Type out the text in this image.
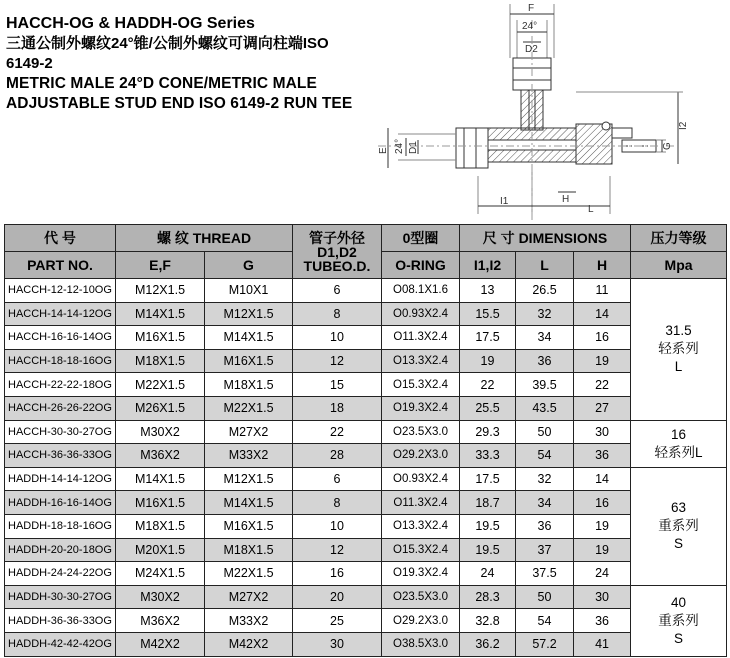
HACCH-OG & HADDH-OG Series
三通公制外螺纹24°锥/公制外螺纹可调向柱端ISO
6149-2
METRIC MALE 24°D CONE/METRIC MALE
ADJUSTABLE STUD END ISO 6149-2 RUN TEE
F
24°
D2
E 24° D1	G
I2
I1	H
L
代 号	螺 纹 THREAD		管子外径D1,D2
TUBEO.D.	0型圈	尺 寸 DIMENSIONS			压力等级
PART NO.	E,F	G		O-RING	I1,I2	L	H	Mpa
HACCH-12-12-10OG	M12X1.5	M10X1	6	O08.1X1.6	13	26.5	11	31.5
轻系列
L

HACCH-14-14-12OG	M14X1.5	M12X1.5	8	O0.93X2.4	15.5	32	14	
HACCH-16-16-14OG	M16X1.5	M14X1.5	10	O11.3X2.4	17.5	34	16	
HACCH-18-18-16OG	M18X1.5	M16X1.5	12	O13.3X2.4	19	36	19	
HACCH-22-22-18OG	M22X1.5	M18X1.5	15	O15.3X2.4	22	39.5	22	
HACCH-26-26-22OG	M26X1.5	M22X1.5	18	O19.3X2.4	25.5	43.5	27	
HACCH-30-30-27OG	M30X2	M27X2	22	O23.5X3.0	29.3	50	30	16
轻系列L

HACCH-36-36-33OG	M36X2	M33X2	28	O29.2X3.0	33.3	54	36	
HADDH-14-14-12OG	M14X1.5	M12X1.5	6	O0.93X2.4	17.5	32	14	63
重系列
S

HADDH-16-16-14OG	M16X1.5	M14X1.5	8	O11.3X2.4	18.7	34	16	
HADDH-18-18-16OG	M18X1.5	M16X1.5	10	O13.3X2.4	19.5	36	19	
HADDH-20-20-18OG	M20X1.5	M18X1.5	12	O15.3X2.4	19.5	37	19	
HADDH-24-24-22OG	M24X1.5	M22X1.5	16	O19.3X2.4	24	37.5	24	
HADDH-30-30-27OG	M30X2	M27X2	20	O23.5X3.0	28.3	50	30	40
重系列
S

HADDH-36-36-33OG	M36X2	M33X2	25	O29.2X3.0	32.8	54	36	
HADDH-42-42-42OG	M42X2	M42X2	30	O38.5X3.0	36.2	57.2	41	
